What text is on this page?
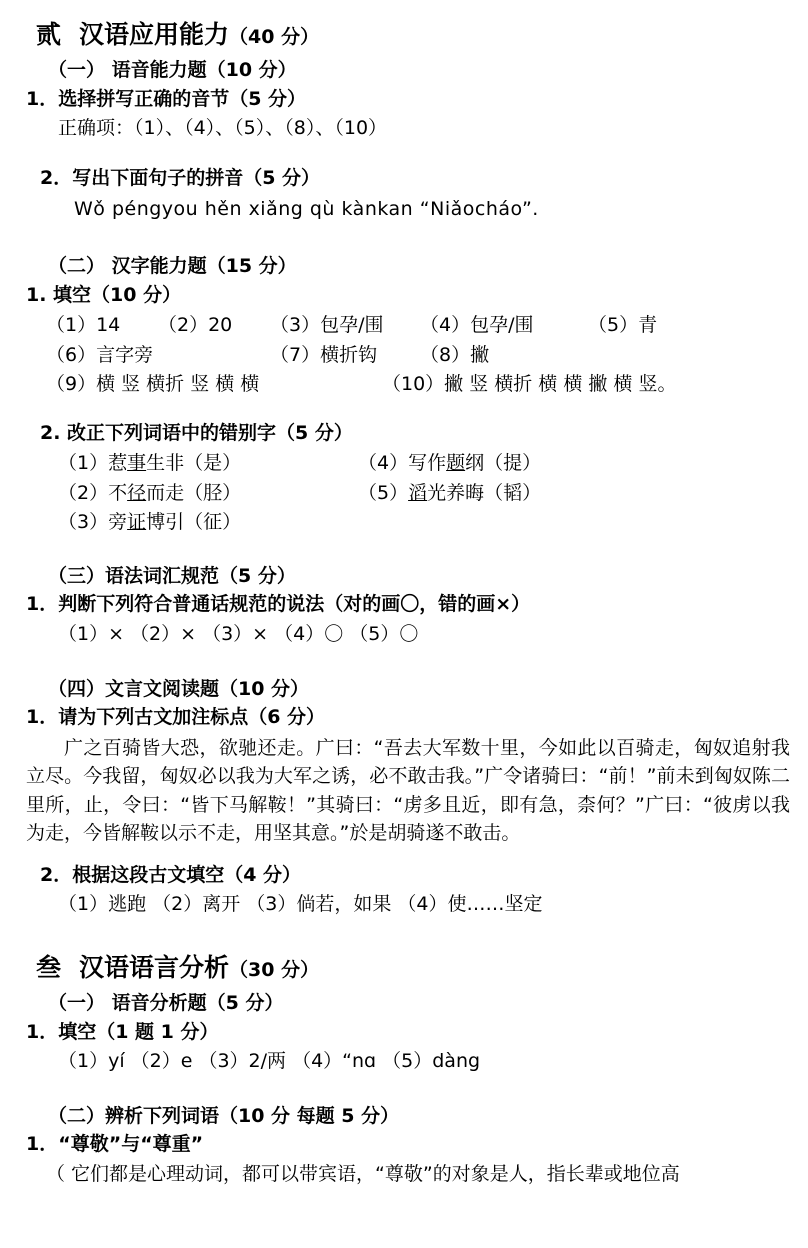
贰 汉语应用能力（40 分）
（一） 语音能力题（10 分）
1．选择拼写正确的音节（5 分）
正确项：（1）、（4）、（5）、（8）、（10）
2．写出下面句子的拼音（5 分）
Wǒ péngyou hěn xiǎng qù kànkan “Niǎocháo”.
（二） 汉字能力题（15 分）
1. 填空（10 分）
（1）14	（2）20	（3）包孕/围	（4）包孕/围	（5）青
（6）言字旁	（7）横折钩	（8）撇
（9）横 竖 横折 竖 横 横	（10）撇 竖 横折 横 横 撇 横 竖。
2. 改正下列词语中的错别字（5 分）
（1）惹事生非（是）	（4）写作题纲（提）
（2）不径而走（胫）	（5）滔光养晦（韬）
（3）旁证博引（征）
（三）语法词汇规范（5 分）
1．判断下列符合普通话规范的说法（对的画〇，错的画×）
（1）× （2）× （3）× （4）〇 （5）〇
（四）文言文阅读题（10 分）
1．请为下列古文加注标点（6 分）
广之百骑皆大恐，欲驰还走。广曰：“吾去大军数十里，今如此以百骑走，匈奴追射我立尽。今我留，匈奴必以我为大军之诱，必不敢击我。”广令诸骑曰：“前！”前未到匈奴陈二里所，止，令曰：“皆下马解鞍！”其骑曰：“虏多且近，即有急，柰何？”广曰：“彼虏以我为走，今皆解鞍以示不走，用坚其意。”於是胡骑遂不敢击。
2．根据这段古文填空（4 分）
（1）逃跑 （2）离开 （3）倘若，如果 （4）使……坚定
叁 汉语语言分析（30 分）
（一） 语音分析题（5 分）
1．填空（1 题 1 分）
（1）yí （2）e （3）2/两 （4）“nɑ （5）dàng
（二）辨析下列词语（10 分 每题 5 分）
1．“尊敬”与“尊重”
（ 它们都是心理动词，都可以带宾语，“尊敬”的对象是人，指长辈或地位高
